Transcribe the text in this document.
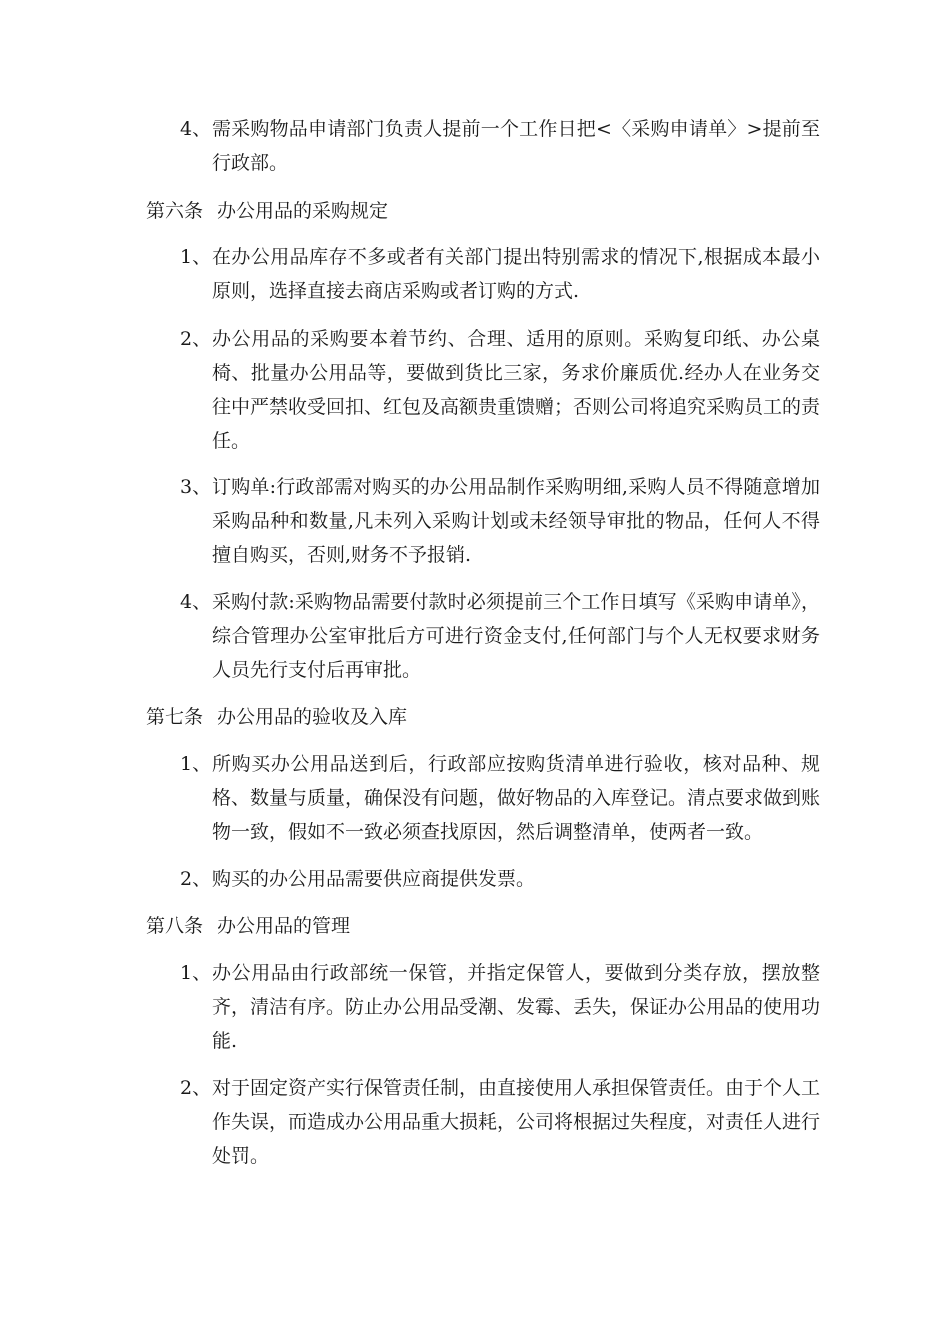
4、 需采购物品申请部门负责人提前一个工作日把<〈采购申请单〉>提前至行政部。

第六条 办公用品的采购规定

1、 在办公用品库存不多或者有关部门提出特别需求的情况下,根据成本最小原则，选择直接去商店采购或者订购的方式.

2、 办公用品的采购要本着节约、合理、适用的原则。采购复印纸、办公桌椅、批量办公用品等，要做到货比三家，务求价廉质优.经办人在业务交往中严禁收受回扣、红包及高额贵重馈赠；否则公司将追究采购员工的责任。

3、 订购单:行政部需对购买的办公用品制作采购明细,采购人员不得随意增加采购品种和数量,凡未列入采购计划或未经领导审批的物品，任何人不得擅自购买，否则,财务不予报销.

4、 采购付款:采购物品需要付款时必须提前三个工作日填写《采购申请单》，综合管理办公室审批后方可进行资金支付,任何部门与个人无权要求财务人员先行支付后再审批。

第七条 办公用品的验收及入库

1、 所购买办公用品送到后，行政部应按购货清单进行验收，核对品种、规格、数量与质量，确保没有问题，做好物品的入库登记。清点要求做到账物一致，假如不一致必须查找原因，然后调整清单，使两者一致。

2、 购买的办公用品需要供应商提供发票。

第八条 办公用品的管理

1、 办公用品由行政部统一保管，并指定保管人，要做到分类存放，摆放整齐，清洁有序。防止办公用品受潮、发霉、丢失，保证办公用品的使用功能.

2、 对于固定资产实行保管责任制，由直接使用人承担保管责任。由于个人工作失误，而造成办公用品重大损耗，公司将根据过失程度，对责任人进行处罚。
